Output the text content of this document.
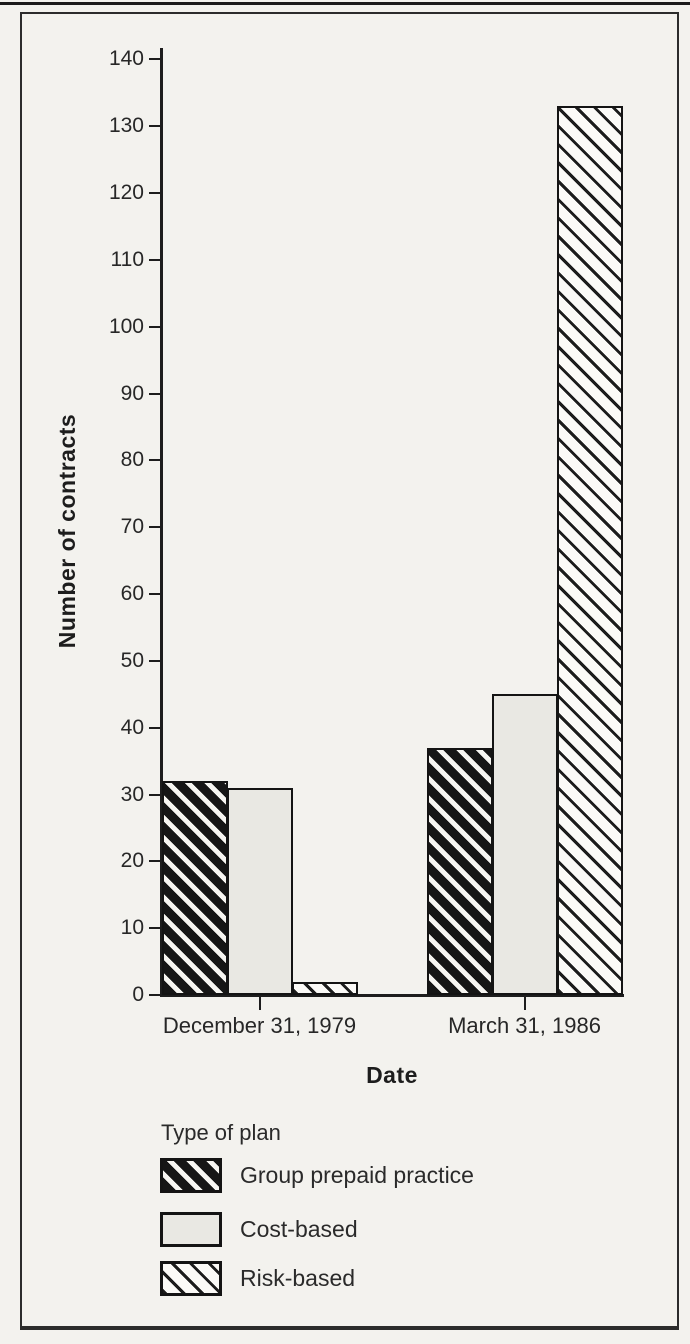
Number of contracts
0
10
20
30
40
50
60
70
80
90
100
110
120
130
140
December 31, 1979	March 31, 1986
Date
Type of plan
Group prepaid practice
Cost-based
Risk-based
